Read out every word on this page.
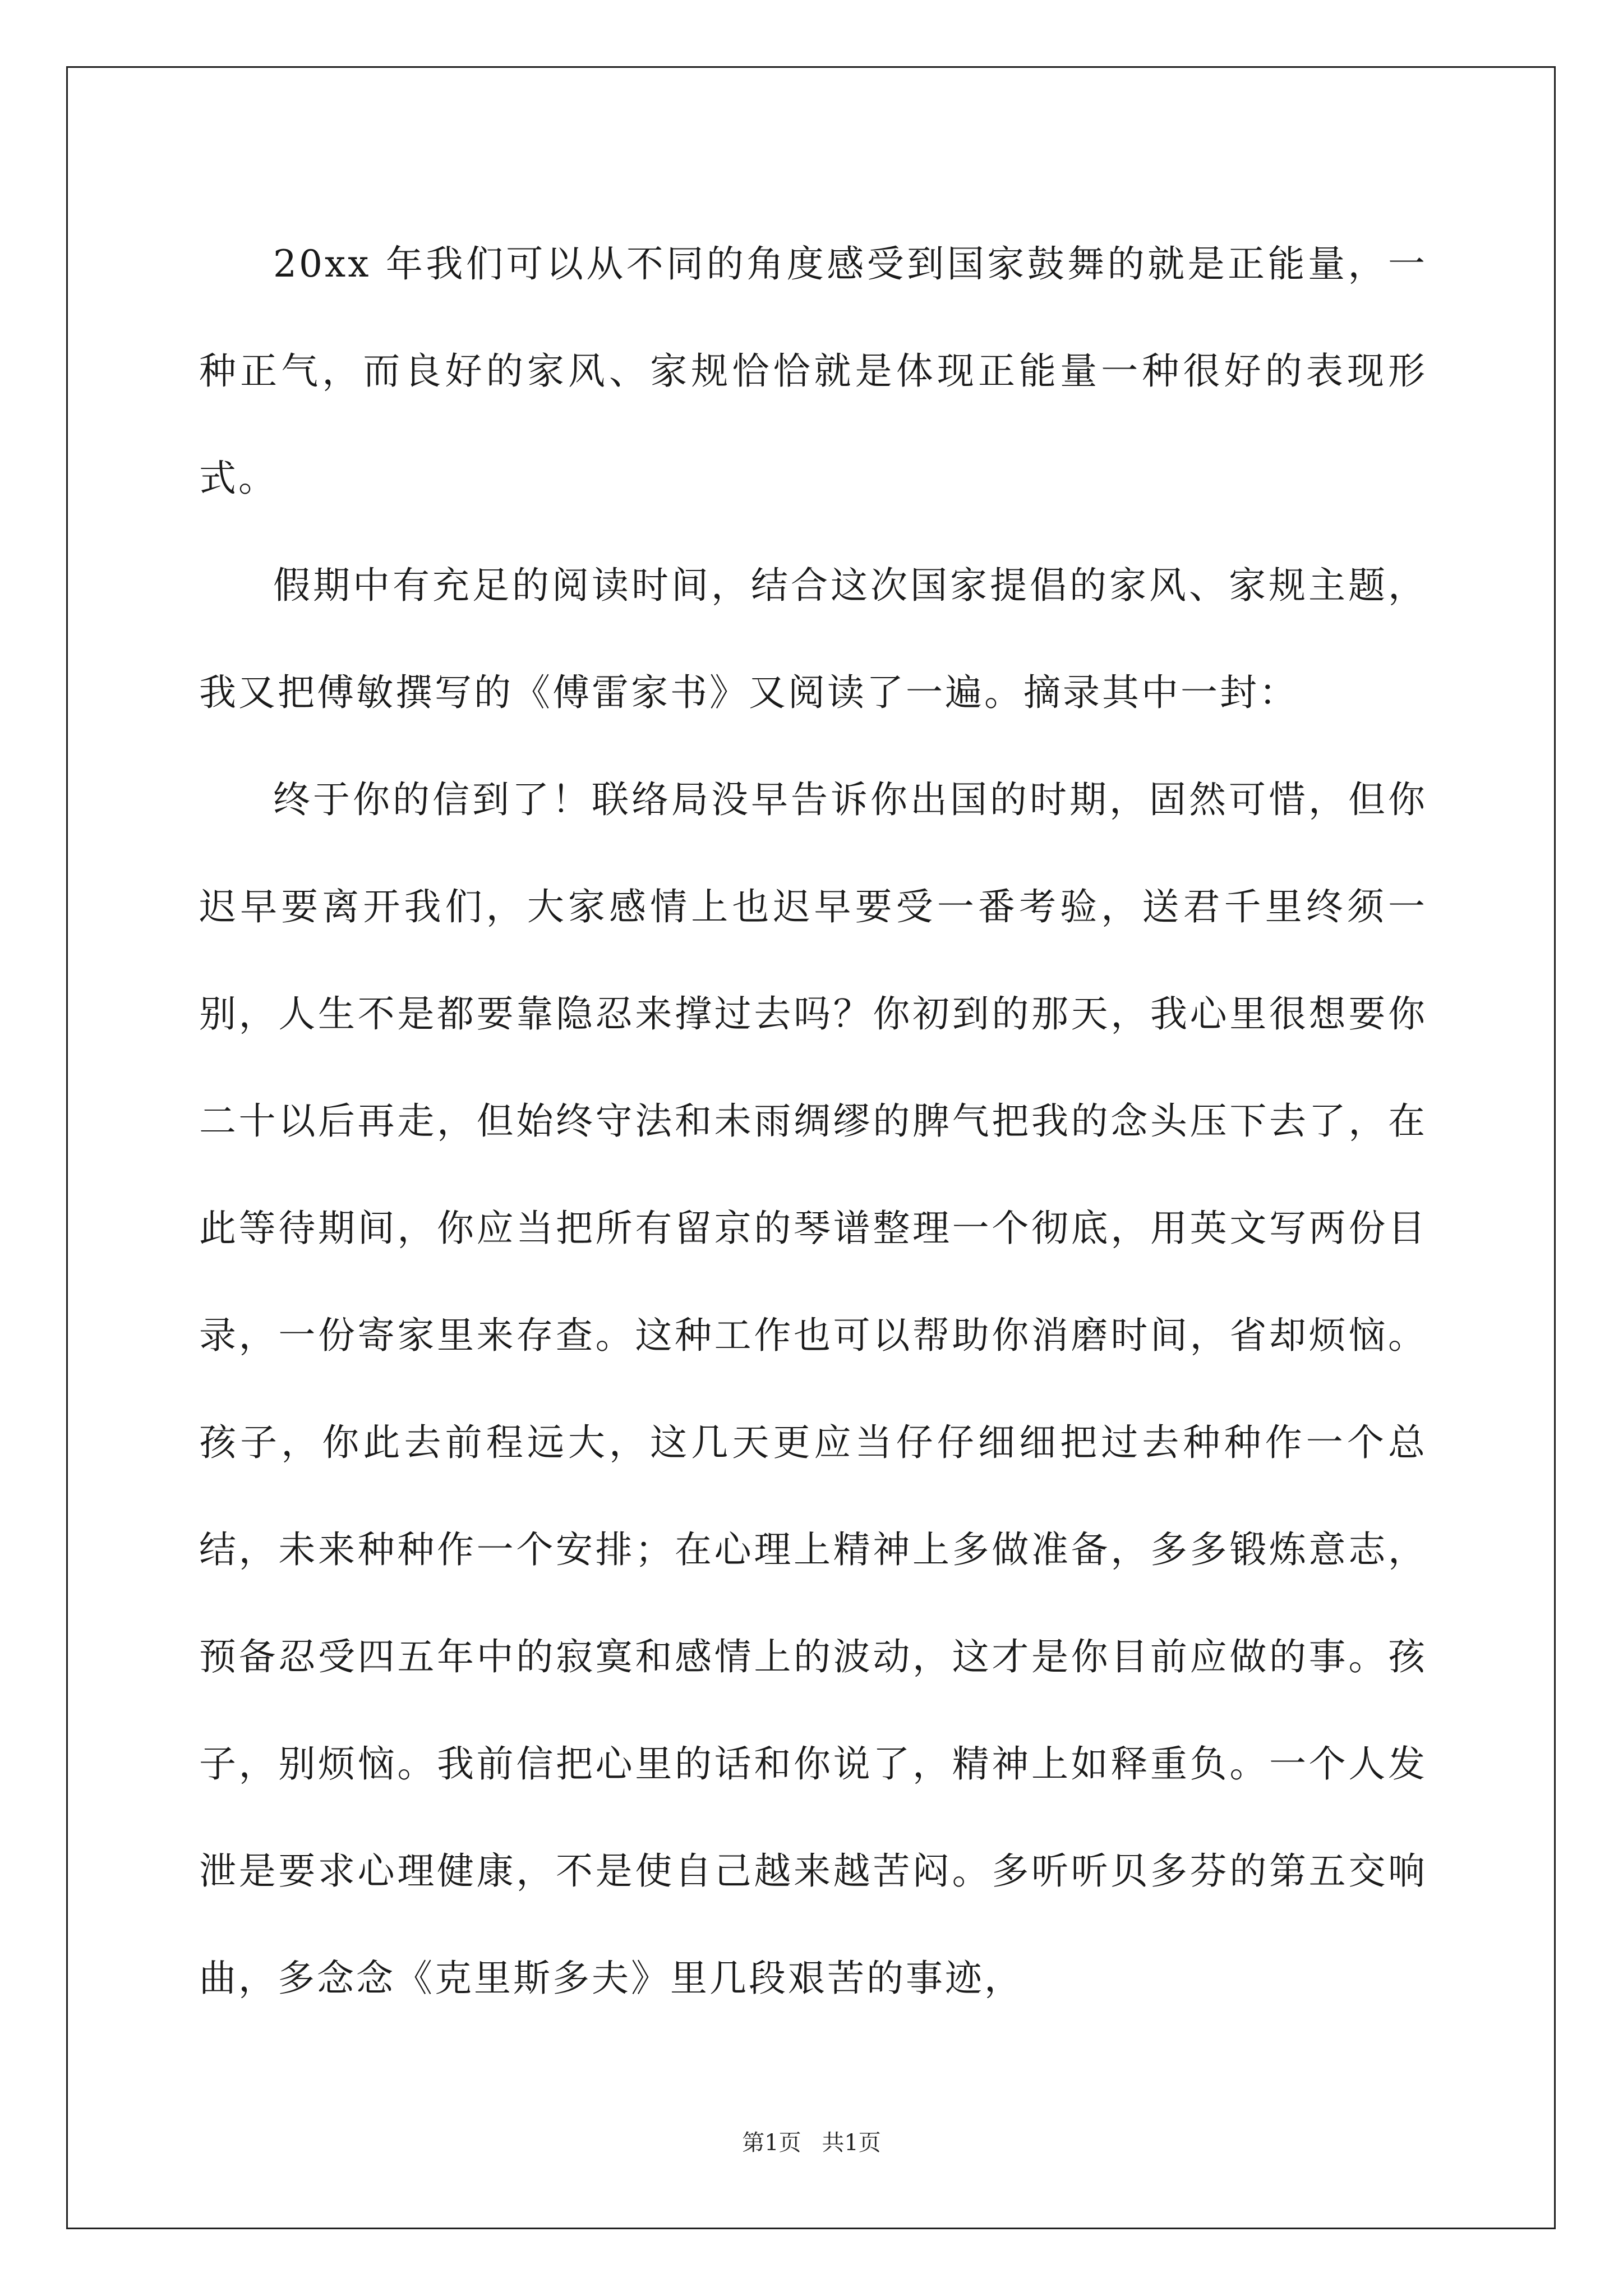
20xx 年我们可以从不同的角度感受到国家鼓舞的就是正能量，一种正气，而良好的家风、家规恰恰就是体现正能量一种很好的表现形式。

假期中有充足的阅读时间，结合这次国家提倡的家风、家规主题，我又把傅敏撰写的《傅雷家书》又阅读了一遍。摘录其中一封：

终于你的信到了！联络局没早告诉你出国的时期，固然可惜，但你迟早要离开我们，大家感情上也迟早要受一番考验，送君千里终须一别，人生不是都要靠隐忍来撑过去吗？你初到的那天，我心里很想要你二十以后再走，但始终守法和未雨绸缪的脾气把我的念头压下去了，在此等待期间，你应当把所有留京的琴谱整理一个彻底，用英文写两份目录，一份寄家里来存查。这种工作也可以帮助你消磨时间，省却烦恼。孩子，你此去前程远大，这几天更应当仔仔细细把过去种种作一个总结，未来种种作一个安排；在心理上精神上多做准备，多多锻炼意志，预备忍受四五年中的寂寞和感情上的波动，这才是你目前应做的事。孩子，别烦恼。我前信把心里的话和你说了，精神上如释重负。一个人发泄是要求心理健康，不是使自己越来越苦闷。多听听贝多芬的第五交响曲，多念念《克里斯多夫》里几段艰苦的事迹，

第1页 共1页
